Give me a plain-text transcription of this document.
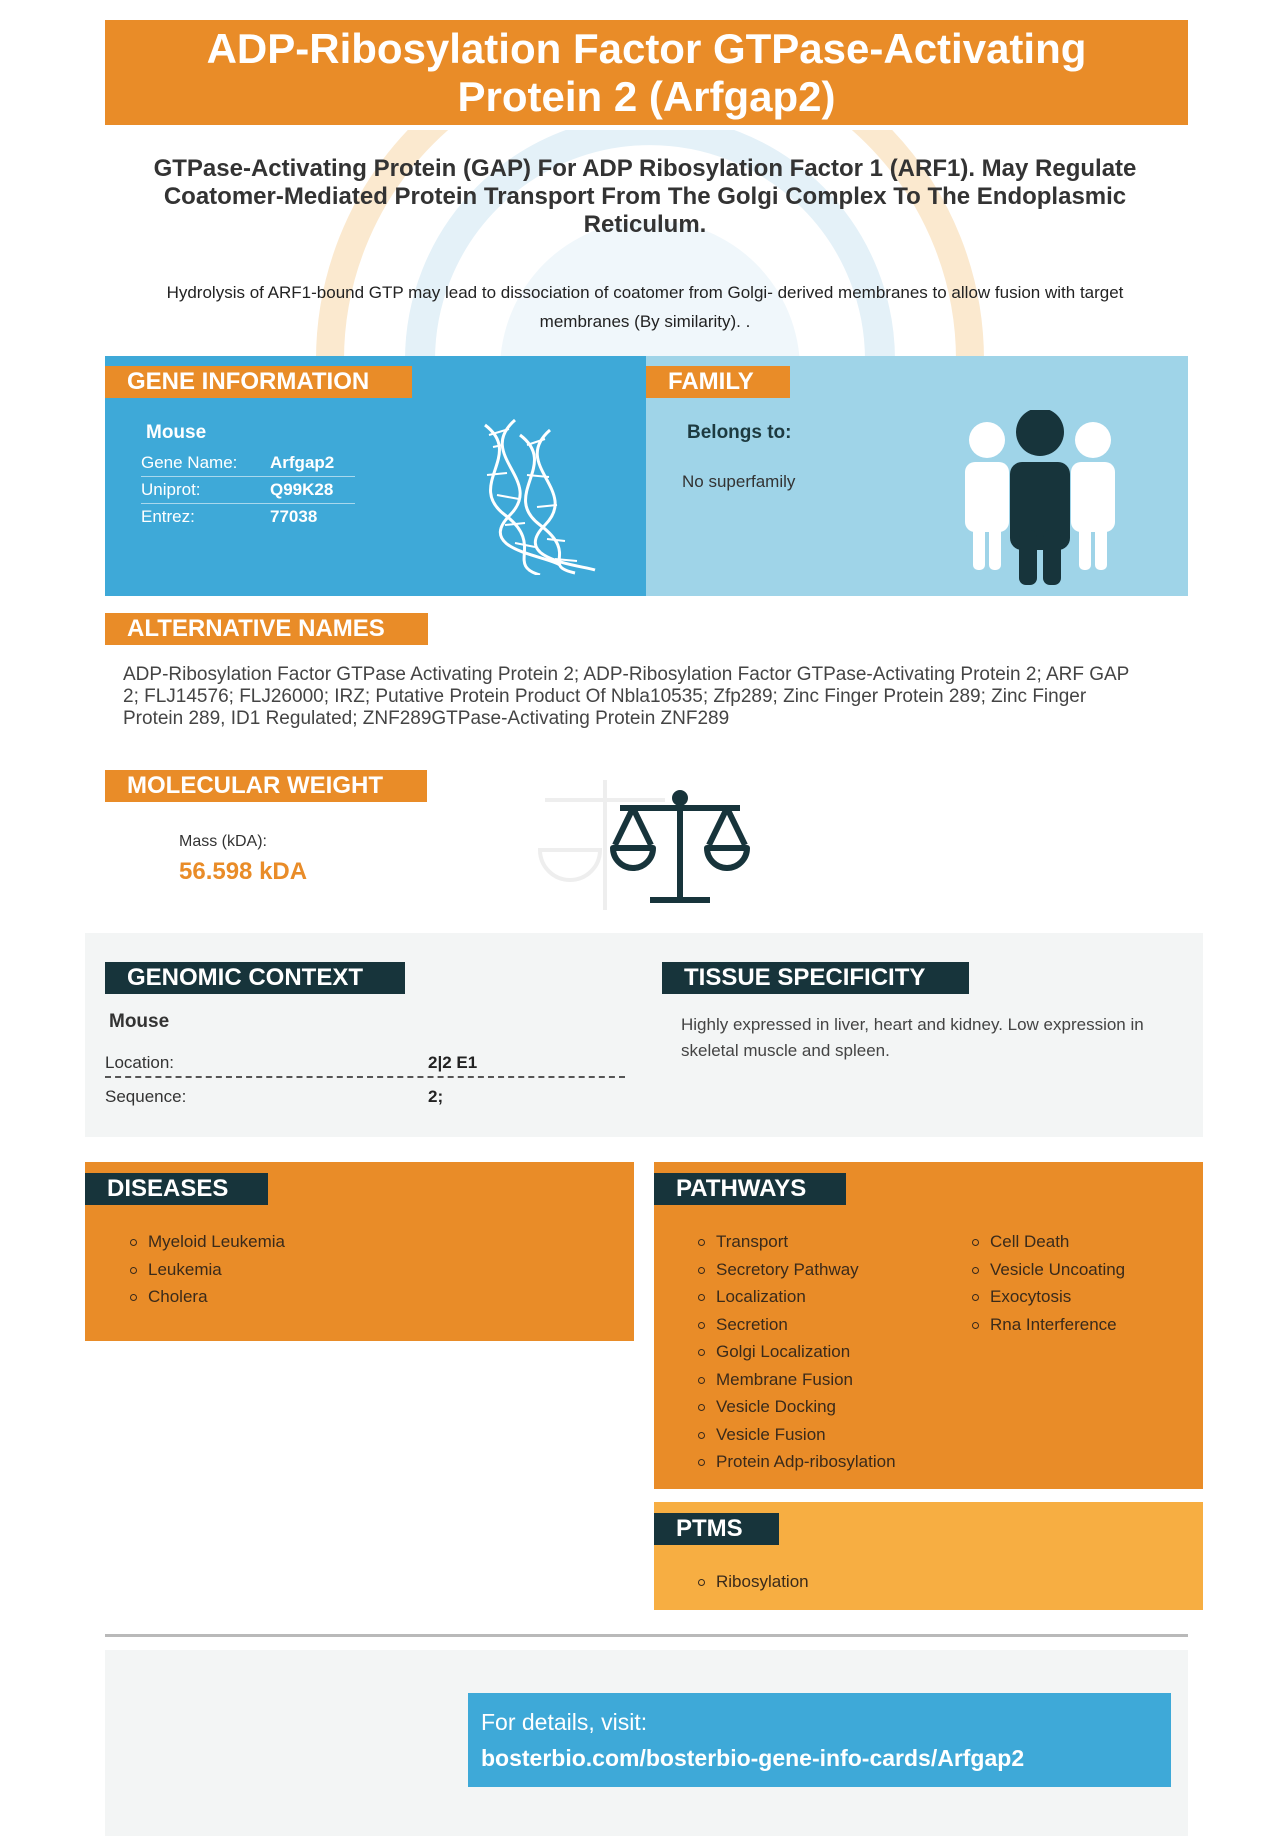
ADP-Ribosylation Factor GTPase-Activating Protein 2 (Arfgap2)
GTPase-Activating Protein (GAP) For ADP Ribosylation Factor 1 (ARF1). May Regulate Coatomer-Mediated Protein Transport From The Golgi Complex To The Endoplasmic Reticulum.
Hydrolysis of ARF1-bound GTP may lead to dissociation of coatomer from Golgi- derived membranes to allow fusion with target membranes (By similarity). .
GENE INFORMATION	FAMILY
Mouse
Gene Name: Arfgap2
Uniprot:	Q99K28
Entrez:	77038
Belongs to:
No superfamily
ALTERNATIVE NAMES
ADP-Ribosylation Factor GTPase Activating Protein 2; ADP-Ribosylation Factor GTPase-Activating Protein 2; ARF GAP 2; FLJ14576; FLJ26000; IRZ; Putative Protein Product Of Nbla10535; Zfp289; Zinc Finger Protein 289; Zinc Finger Protein 289, ID1 Regulated; ZNF289GTPase-Activating Protein ZNF289
MOLECULAR WEIGHT
Mass (kDA):
56.598 kDA
GENOMIC CONTEXT	TISSUE SPECIFICITY
Mouse
Location:	2|2 E1
Sequence:	2;
Highly expressed in liver, heart and kidney. Low expression in skeletal muscle and spleen.
DISEASES
Myeloid Leukemia
Leukemia
Cholera
PATHWAYS
Transport
Secretory Pathway
Localization
Secretion
Golgi Localization
Membrane Fusion
Vesicle Docking
Vesicle Fusion
Protein Adp-ribosylation
Cell Death
Vesicle Uncoating
Exocytosis
Rna Interference
PTMS
Ribosylation
For details, visit:
bosterbio.com/bosterbio-gene-info-cards/Arfgap2
